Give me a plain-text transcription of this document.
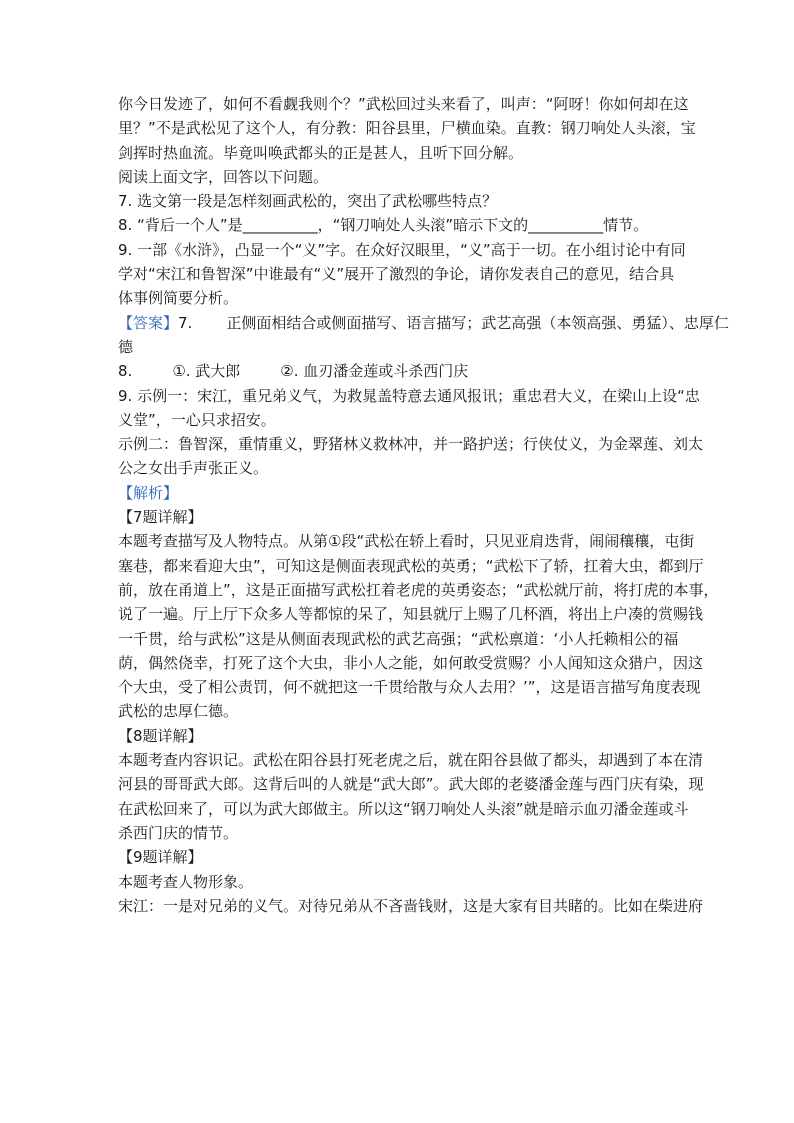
你今日发迹了，如何不看觑我则个？”武松回过头来看了，叫声：“阿呀！你如何却在这
里？”不是武松见了这个人，有分教：阳谷县里，尸横血染。直教：钢刀响处人头滚，宝
剑挥时热血流。毕竟叫唤武都头的正是甚人，且听下回分解。
阅读上面文字，回答以下问题。
7. 选文第一段是怎样刻画武松的，突出了武松哪些特点？
8. “背后一个人”是__________，“钢刀响处人头滚”暗示下文的__________情节。
9. 一部《水浒》，凸显一个“义”字。在众好汉眼里，“义”高于一切。在小组讨论中有同
学对“宋江和鲁智深”中谁最有“义”展开了激烈的争论，请你发表自己的意见，结合具
体事例简要分析。
【答案】7. 正侧面相结合或侧面描写、语言描写；武艺高强（本领高强、勇猛）、忠厚仁
德
8.	①. 武大郎	②. 血刃潘金莲或斗杀西门庆
9. 示例一：宋江，重兄弟义气，为救晁盖特意去通风报讯；重忠君大义，在梁山上设“忠
义堂”，一心只求招安。
示例二：鲁智深，重情重义，野猪林义救林冲，并一路护送；行侠仗义，为金翠莲、刘太
公之女出手声张正义。
【解析】
【7题详解】
本题考查描写及人物特点。从第①段“武松在轿上看时，只见亚肩迭背，闹闹穰穰，屯街
塞巷，都来看迎大虫”，可知这是侧面表现武松的英勇；“武松下了轿，扛着大虫，都到厅
前，放在甬道上”，这是正面描写武松扛着老虎的英勇姿态；“武松就厅前，将打虎的本事，
说了一遍。厅上厅下众多人等都惊的呆了，知县就厅上赐了几杯酒，将出上户凑的赏赐钱
一千贯，给与武松”这是从侧面表现武松的武艺高强；“武松禀道：‘小人托赖相公的福
荫，偶然侥幸，打死了这个大虫，非小人之能，如何敢受赏赐？小人闻知这众猎户，因这
个大虫，受了相公责罚，何不就把这一千贯给散与众人去用？’”，这是语言描写角度表现
武松的忠厚仁德。
【8题详解】
本题考查内容识记。武松在阳谷县打死老虎之后，就在阳谷县做了都头，却遇到了本在清
河县的哥哥武大郎。这背后叫的人就是“武大郎”。武大郎的老婆潘金莲与西门庆有染，现
在武松回来了，可以为武大郎做主。所以这“钢刀响处人头滚”就是暗示血刃潘金莲或斗
杀西门庆的情节。
【9题详解】
本题考查人物形象。
宋江：一是对兄弟的义气。对待兄弟从不吝啬钱财，这是大家有目共睹的。比如在柴进府
